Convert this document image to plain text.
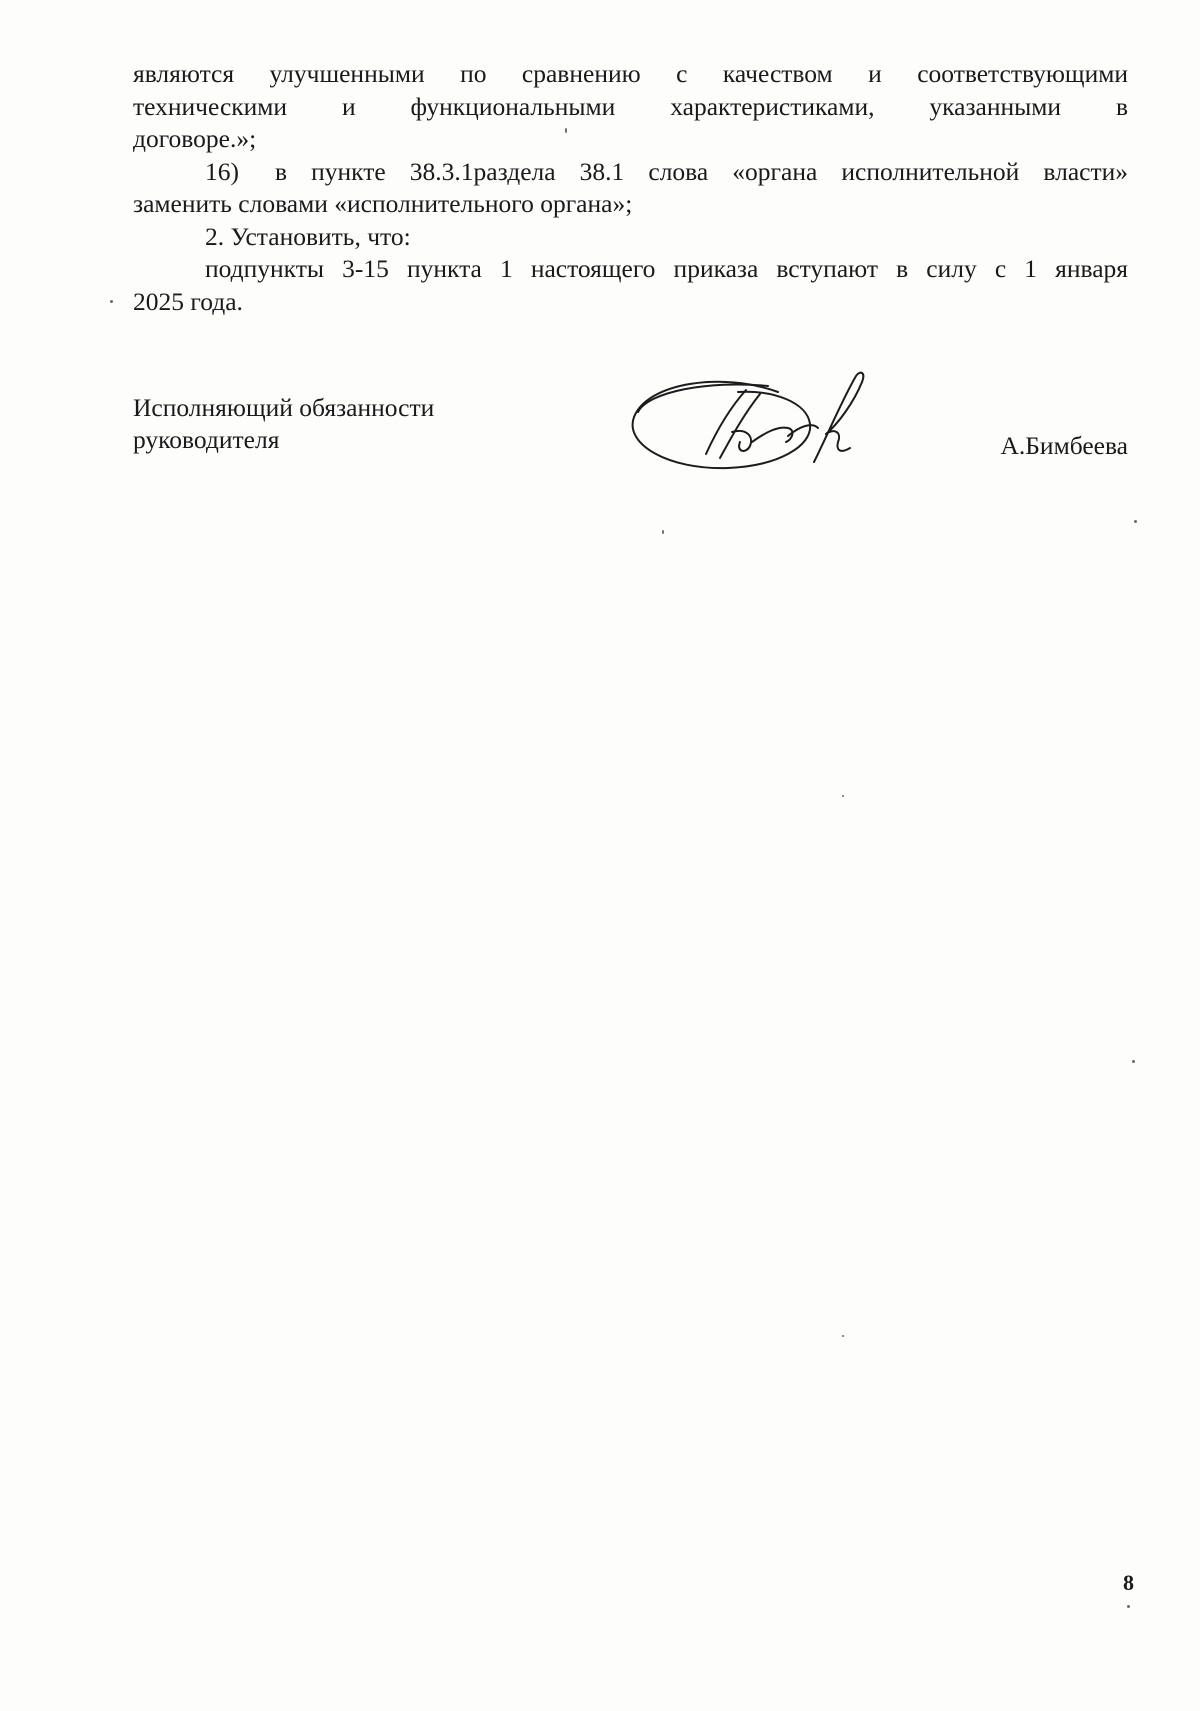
являются улучшенными по сравнению с качеством и соответствующими

техническими и функциональными характеристиками, указанными в

договоре.»;

16) в пункте 38.3.1раздела 38.1 слова «органа исполнительной власти»

заменить словами «исполнительного органа»;

2. Установить, что:

подпункты 3-15 пункта 1 настоящего приказа вступают в силу с 1 января

2025 года.

Исполняющий обязанности
руководителя	А.Бимбеева
8
